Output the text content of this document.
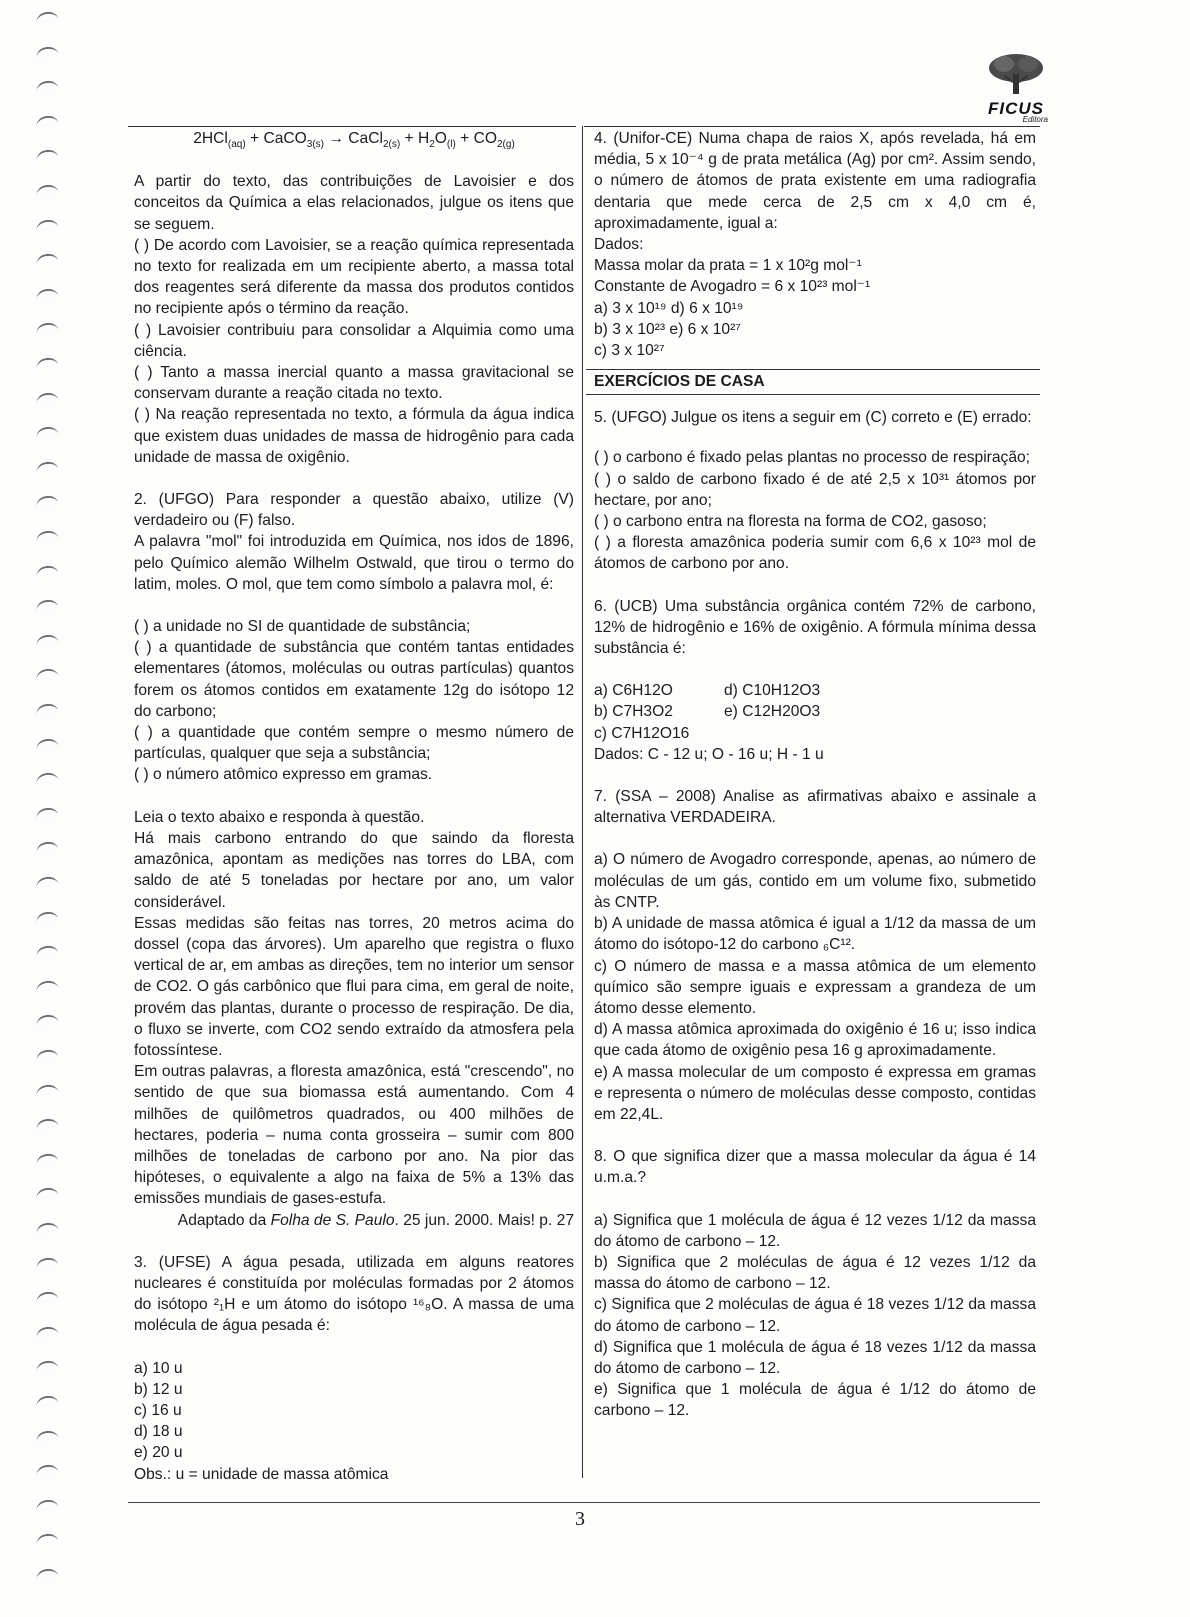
FICUS
Editora

2HCl$_{(aq)}$ + CaCO$_{3(s)}$ → CaCl$_{2(s)}$ + $H_2O_{(l)} + CO_{2(g)}$

A partir do texto, das contribuições de Lavoisier e dos conceitos da Química a elas relacionados, julgue os itens que se seguem.

( ) De acordo com Lavoisier, se a reação química representada no texto for realizada em um recipiente aberto, a massa total dos reagentes será diferente da massa dos produtos contidos no recipiente após o término da reação.

( ) Lavoisier contribuiu para consolidar a Alquimia como uma ciência.

( ) Tanto a massa inercial quanto a massa gravitacional se conservam durante a reação citada no texto.

( ) Na reação representada no texto, a fórmula da água indica que existem duas unidades de massa de hidrogênio para cada unidade de massa de oxigênio.

2. (UFGO) Para responder a questão abaixo, utilize (V) verdadeiro ou (F) falso.

A palavra "mol" foi introduzida em Química, nos idos de 1896, pelo Químico alemão Wilhelm Ostwald, que tirou o termo do latim, moles. O mol, que tem como símbolo a palavra mol, é:

( ) a unidade no SI de quantidade de substância;

( ) a quantidade de substância que contém tantas entidades elementares (átomos, moléculas ou outras partículas) quantos forem os átomos contidos em exatamente 12g do isótopo 12 do carbono;

( ) a quantidade que contém sempre o mesmo número de partículas, qualquer que seja a substância;

( ) o número atômico expresso em gramas.

Leia o texto abaixo e responda à questão.

Há mais carbono entrando do que saindo da floresta amazônica, apontam as medições nas torres do LBA, com saldo de até 5 toneladas por hectare por ano, um valor considerável.

Essas medidas são feitas nas torres, 20 metros acima do dossel (copa das árvores). Um aparelho que registra o fluxo vertical de ar, em ambas as direções, tem no interior um sensor de CO2. O gás carbônico que flui para cima, em geral de noite, provém das plantas, durante o processo de respiração. De dia, o fluxo se inverte, com CO2 sendo extraído da atmosfera pela fotossíntese.

Em outras palavras, a floresta amazônica, está "crescendo", no sentido de que sua biomassa está aumentando. Com 4 milhões de quilômetros quadrados, ou 400 milhões de hectares, poderia – numa conta grosseira – sumir com 800 milhões de toneladas de carbono por ano. Na pior das hipóteses, o equivalente a algo na faixa de 5% a 13% das emissões mundiais de gases-estufa.

Adaptado da Folha de S. Paulo. 25 jun. 2000. Mais! p. 27

3. (UFSE) A água pesada, utilizada em alguns reatores nucleares é constituída por moléculas formadas por 2 átomos do isótopo ²₁H e um átomo do isótopo ¹⁶₈O. A massa de uma molécula de água pesada é:

a) 10 u

b) 12 u

c) 16 u

d) 18 u

e) 20 u

Obs.: u = unidade de massa atômica

4. (Unifor-CE) Numa chapa de raios X, após revelada, há em média, 5 x 10⁻⁴ g de prata metálica (Ag) por cm². Assim sendo, o número de átomos de prata existente em uma radiografia dentaria que mede cerca de 2,5 cm x 4,0 cm é, aproximadamente, igual a:

Dados:

Massa molar da prata = 1 x 10²g mol⁻¹

Constante de Avogadro = 6 x 10²³ mol⁻¹

a) 3 x 10¹⁹ d) 6 x 10¹⁹

b) 3 x 10²³ e) 6 x 10²⁷

c) 3 x 10²⁷

EXERCÍCIOS DE CASA

5. (UFGO) Julgue os itens a seguir em (C) correto e (E) errado:

( ) o carbono é fixado pelas plantas no processo de respiração;

( ) o saldo de carbono fixado é de até 2,5 x 10³¹ átomos por hectare, por ano;

( ) o carbono entra na floresta na forma de CO2, gasoso;

( ) a floresta amazônica poderia sumir com 6,6 x 10²³ mol de átomos de carbono por ano.

6. (UCB) Uma substância orgânica contém 72% de carbono, 12% de hidrogênio e 16% de oxigênio. A fórmula mínima dessa substância é:

a) C6H12O	d) C10H12O3
b) C7H3O2	e) C12H20O3
c) C7H12O16

Dados: C - 12 u; O - 16 u; H - 1 u

7. (SSA – 2008) Analise as afirmativas abaixo e assinale a alternativa VERDADEIRA.

a) O número de Avogadro corresponde, apenas, ao número de moléculas de um gás, contido em um volume fixo, submetido às CNTP.

b) A unidade de massa atômica é igual a 1/12 da massa de um átomo do isótopo-12 do carbono ₆C¹².

c) O número de massa e a massa atômica de um elemento químico são sempre iguais e expressam a grandeza de um átomo desse elemento.

d) A massa atômica aproximada do oxigênio é 16 u; isso indica que cada átomo de oxigênio pesa 16 g aproximadamente.

e) A massa molecular de um composto é expressa em gramas e representa o número de moléculas desse composto, contidas em 22,4L.

8. O que significa dizer que a massa molecular da água é 14 u.m.a.?

a) Significa que 1 molécula de água é 12 vezes 1/12 da massa do átomo de carbono – 12.

b) Significa que 2 moléculas de água é 12 vezes 1/12 da massa do átomo de carbono – 12.

c) Significa que 2 moléculas de água é 18 vezes 1/12 da massa do átomo de carbono – 12.

d) Significa que 1 molécula de água é 18 vezes 1/12 da massa do átomo de carbono – 12.

e) Significa que 1 molécula de água é 1/12 do átomo de carbono – 12.

3
